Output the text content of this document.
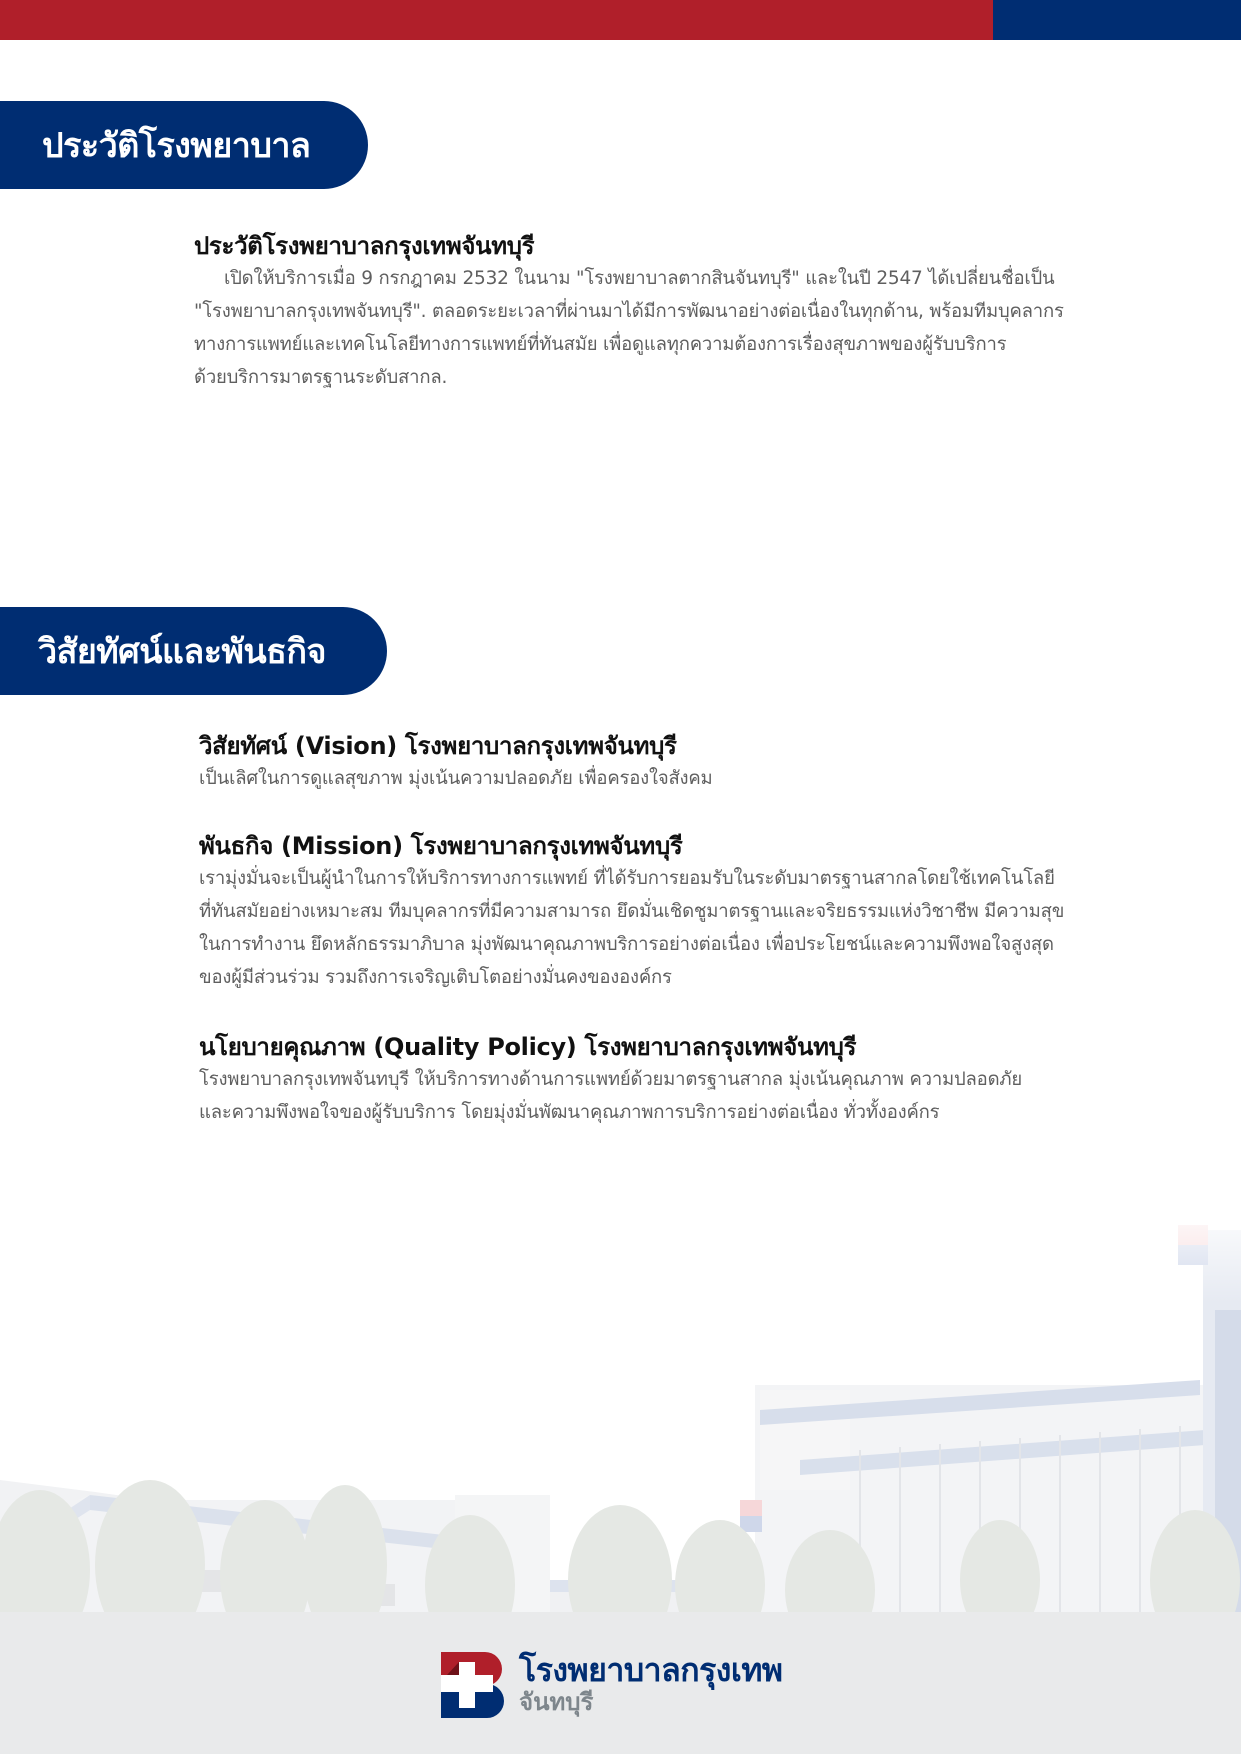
ประวัติโรงพยาบาล
ประวัติโรงพยาบาลกรุงเทพจันทบุรี

เปิดให้บริการเมื่อ 9 กรกฎาคม 2532 ในนาม "โรงพยาบาลตากสินจันทบุรี" และในปี 2547 ได้เปลี่ยนชื่อเป็น

"โรงพยาบาลกรุงเทพจันทบุรี". ตลอดระยะเวลาที่ผ่านมาได้มีการพัฒนาอย่างต่อเนื่องในทุกด้าน, พร้อมทีมบุคลากร

ทางการแพทย์และเทคโนโลยีทางการแพทย์ที่ทันสมัย เพื่อดูแลทุกความต้องการเรื่องสุขภาพของผู้รับบริการ

ด้วยบริการมาตรฐานระดับสากล.

วิสัยทัศน์และพันธกิจ
วิสัยทัศน์ (Vision) โรงพยาบาลกรุงเทพจันทบุรี

เป็นเลิศในการดูแลสุขภาพ มุ่งเน้นความปลอดภัย เพื่อครองใจสังคม

พันธกิจ (Mission) โรงพยาบาลกรุงเทพจันทบุรี

เรามุ่งมั่นจะเป็นผู้นำในการให้บริการทางการแพทย์ ที่ได้รับการยอมรับในระดับมาตรฐานสากลโดยใช้เทคโนโลยี

ที่ทันสมัยอย่างเหมาะสม ทีมบุคลากรที่มีความสามารถ ยึดมั่นเชิดชูมาตรฐานและจริยธรรมแห่งวิชาชีพ มีความสุข

ในการทำงาน ยึดหลักธรรมาภิบาล มุ่งพัฒนาคุณภาพบริการอย่างต่อเนื่อง เพื่อประโยชน์และความพึงพอใจสูงสุด

ของผู้มีส่วนร่วม รวมถึงการเจริญเติบโตอย่างมั่นคงขององค์กร

นโยบายคุณภาพ (Quality Policy) โรงพยาบาลกรุงเทพจันทบุรี

โรงพยาบาลกรุงเทพจันทบุรี ให้บริการทางด้านการแพทย์ด้วยมาตรฐานสากล มุ่งเน้นคุณภาพ ความปลอดภัย

และความพึงพอใจของผู้รับบริการ โดยมุ่งมั่นพัฒนาคุณภาพการบริการอย่างต่อเนื่อง ทั่วทั้งองค์กร

โรงพยาบาลกรุงเทพ
จันทบุรี
